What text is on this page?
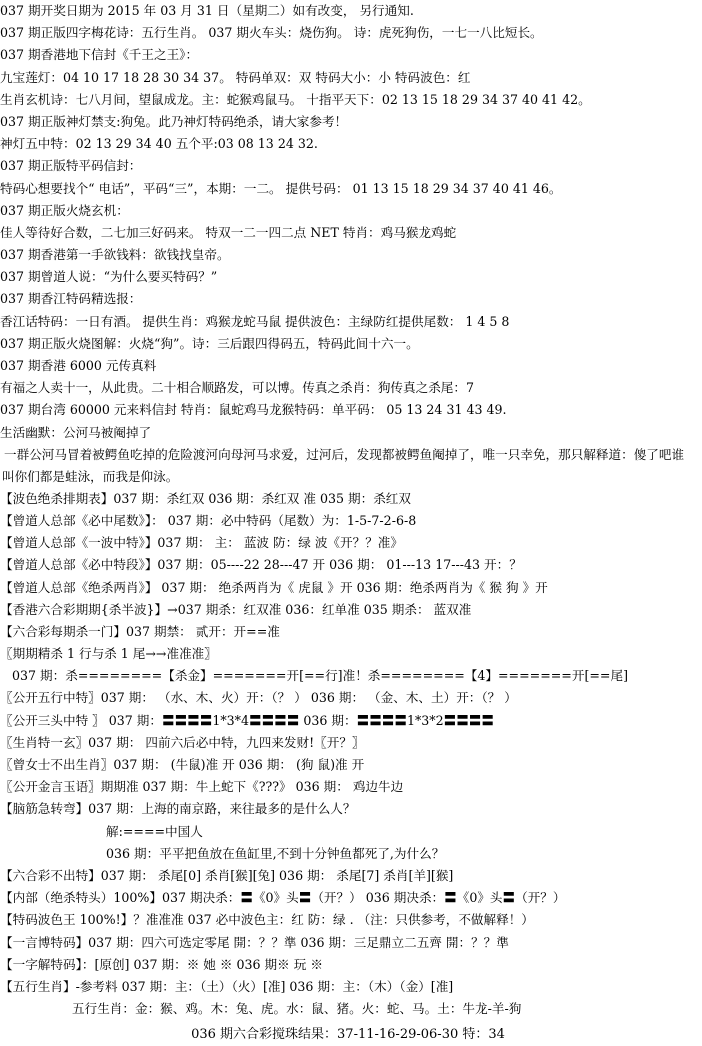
037 期开奖日期为 2015 年 03 月 31 日（星期二）如有改变， 另行通知.
037 期正版四字梅花诗：五行生肖。 037 期火车头：烧伤狗。 诗：虎死狗伤，一七一八比短长。
037 期香港地下信封《千王之王》：
九宝莲灯：04 10 17 18 28 30 34 37。 特码单双：双 特码大小：小 特码波色：红
生肖玄机诗：七八月间，望鼠成龙。主：蛇猴鸡鼠马。 十指平天下：02 13 15 18 29 34 37 40 41 42。
037 期正版神灯禁支:狗兔。此乃神灯特码绝杀，请大家参考！
神灯五中特：02 13 29 34 40 五个平:03 08 13 24 32.
037 期正版特平码信封：
特码心想要找个“ 电话”，平码“三”，本期：一二。 提供号码： 01 13 15 18 29 34 37 40 41 46。
037 期正版火烧玄机：
佳人等待好合数，二七加三好码来。 特双一二一四二点 NET 特肖：鸡马猴龙鸡蛇
037 期香港第一手欲钱料：欲钱找皇帝。
037 期曾道人说：“为什么要买特码？”
037 期香江特码精选报：
香江话特码：一日有酒。 提供生肖：鸡猴龙蛇马鼠 提供波色：主绿防红提供尾数： 1 4 5 8
037 期正版火烧图解：火烧“狗”。诗：三后跟四得码五，特码此间十六一。
037 期香港 6000 元传真料
有福之人卖十一，从此贵。二十相合顺路发，可以博。传真之杀肖：狗传真之杀尾：7
037 期台湾 60000 元来料信封 特肖：鼠蛇鸡马龙猴特码：单平码： 05 13 24 31 43 49.
生活幽默：公河马被阉掉了
一群公河马冒着被鳄鱼吃掉的危险渡河向母河马求爱，过河后，发现都被鳄鱼阉掉了，唯一只幸免，那只解释道：傻了吧谁叫你们都是蛙泳，而我是仰泳。
【波色绝杀排期表】037 期：杀红双 036 期：杀红双 准 035 期：杀红双
【曾道人总部《必中尾数》】： 037 期：必中特码（尾数）为：1-5-7-2-6-8
【曾道人总部《一波中特》】037 期： 主： 蓝波 防：绿 波《开？？准》
【曾道人总部《必中特段》】037 期：05----22 28---47 开 036 期： 01---13 17---43 开：？
【曾道人总部《绝杀两肖》】 037 期： 绝杀两肖为《 虎鼠 》开 036 期：绝杀两肖为《 猴 狗 》开
【香港六合彩期期{杀半波}】→037 期杀：红双准 036：红单准 035 期杀： 蓝双准
【六合彩每期杀一门】037 期禁： 贰开：开==准
〖期期精杀 1 行与杀 1 尾→→准准准〗
037 期：杀========【杀金】=======开[==行]准！杀========【4】=======开[==尾]
〖公开五行中特〗037 期： （水、木、火）开：（？ ） 036 期： （金、木、土）开：（？ ）
〖公开三头中特 〗 037 期：〓〓〓〓1*3*4〓〓〓〓 036 期：〓〓〓〓1*3*2〓〓〓〓
〖生肖特一玄〗037 期： 四前六后必中特，九四来发财!〖开？〗
〖曾女士不出生肖〗037 期： (牛鼠)准 开 036 期： (狗 鼠)准 开
〖公开金言玉语〗期期准 037 期：牛上蛇下《???》 036 期： 鸡边牛边
【脑筋急转弯】037 期：上海的南京路，来往最多的是什么人？
解:====中国人
036 期：平平把鱼放在鱼缸里,不到十分钟鱼都死了,为什么？
【六合彩不出特】037 期： 杀尾[0] 杀肖[猴][兔] 036 期： 杀尾[7] 杀肖[羊][猴]
【内部（绝杀特头）100%】037 期决杀：〓《0》头〓（开？） 036 期决杀：〓《0》头〓（开？）
【特码波色王 100%!】？准准准 037 必中波色主：红 防：绿 . （注：只供参考，不做解释！）
【一言博特码】037 期：四六可选定零尾 開：？？準 036 期：三足鼎立二五齊 開：？？準
【一字解特码】：[原创] 037 期：※ 她 ※ 036 期※ 玩 ※
【五行生肖】-参考料 037 期：主：（土）（火）[准] 036 期：主：（木）（金）[准]
五行生肖：金：猴、鸡。木：兔、虎。水：鼠、猪。火：蛇、马。土：牛龙-羊-狗
036 期六合彩搅珠结果：37-11-16-29-06-30 特：34
